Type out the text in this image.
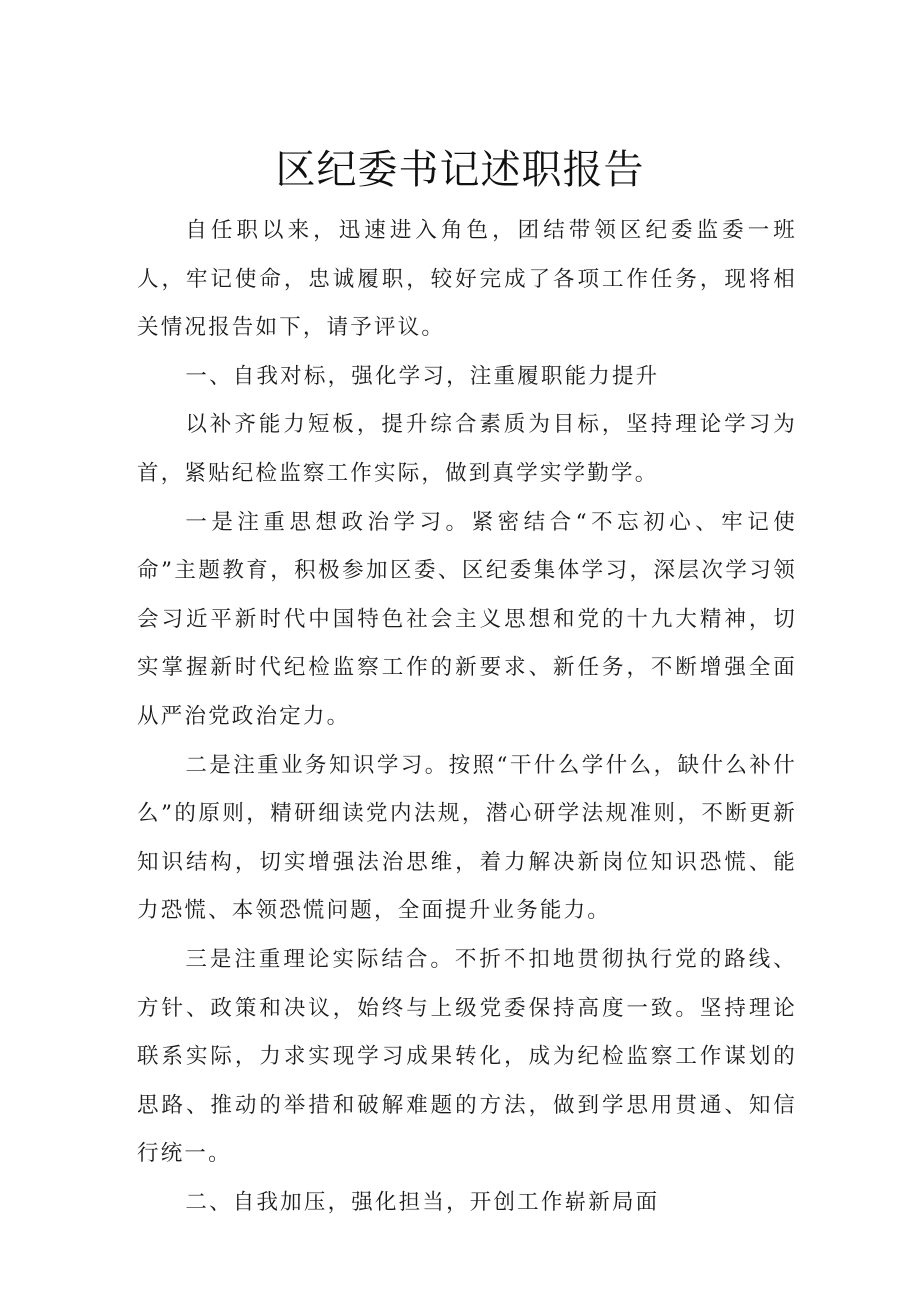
区纪委书记述职报告

自任职以来，迅速进入角色，团结带领区纪委监委一班人，牢记使命，忠诚履职，较好完成了各项工作任务，现将相关情况报告如下，请予评议。

一、自我对标，强化学习，注重履职能力提升

以补齐能力短板，提升综合素质为目标，坚持理论学习为首，紧贴纪检监察工作实际，做到真学实学勤学。

一是注重思想政治学习。紧密结合“不忘初心、牢记使命”主题教育，积极参加区委、区纪委集体学习，深层次学习领会习近平新时代中国特色社会主义思想和党的十九大精神，切实掌握新时代纪检监察工作的新要求、新任务，不断增强全面从严治党政治定力。

二是注重业务知识学习。按照“干什么学什么，缺什么补什么”的原则，精研细读党内法规，潜心研学法规准则，不断更新知识结构，切实增强法治思维，着力解决新岗位知识恐慌、能力恐慌、本领恐慌问题，全面提升业务能力。

三是注重理论实际结合。不折不扣地贯彻执行党的路线、方针、政策和决议，始终与上级党委保持高度一致。坚持理论联系实际，力求实现学习成果转化，成为纪检监察工作谋划的思路、推动的举措和破解难题的方法，做到学思用贯通、知信行统一。

二、自我加压，强化担当，开创工作崭新局面
